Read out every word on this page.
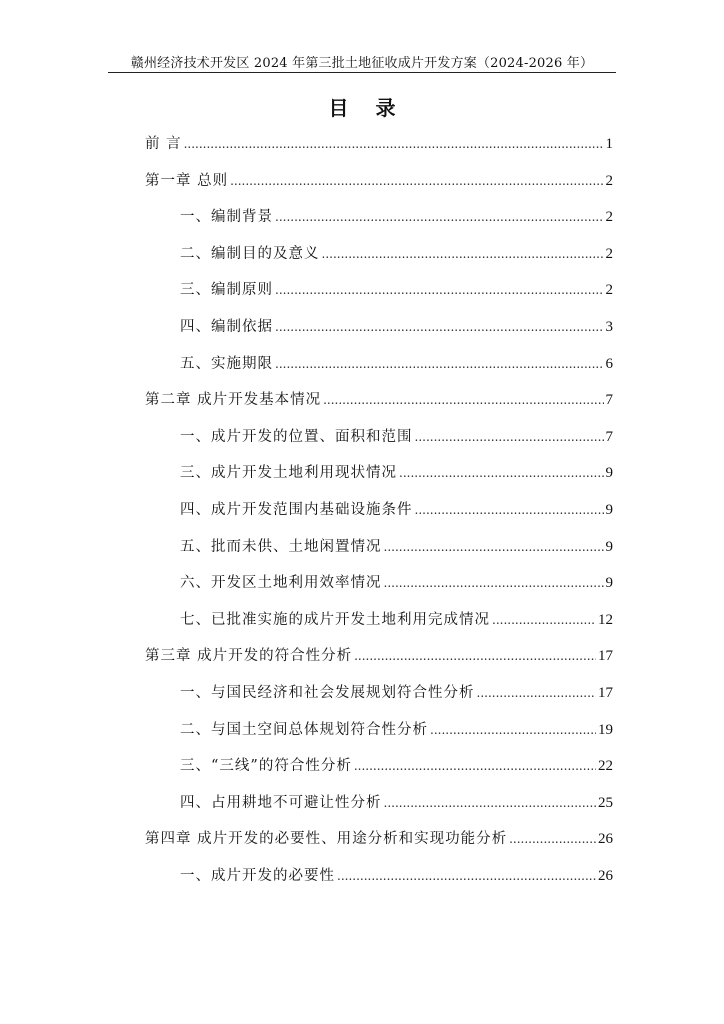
赣州经济技术开发区 2024 年第三批土地征收成片开发方案（2024-2026 年）
目 录
前 言 .....	1
第一章 总则 .....	2
一、编制背景 .....	2
二、编制目的及意义 .....	2
三、编制原则 .....	2
四、编制依据 .....	3
五、实施期限 .....	6
第二章 成片开发基本情况 .....	7
一、成片开发的位置、面积和范围 .....	7
三、成片开发土地利用现状情况 .....	9
四、成片开发范围内基础设施条件 .....	9
五、批而未供、土地闲置情况 .....	9
六、开发区土地利用效率情况 .....	9
七、已批准实施的成片开发土地利用完成情况 .....	12
第三章 成片开发的符合性分析 .....	17
一、与国民经济和社会发展规划符合性分析 .....	17
二、与国土空间总体规划符合性分析 .....	19
三、“三线”的符合性分析 .....	22
四、占用耕地不可避让性分析 .....	25
第四章 成片开发的必要性、用途分析和实现功能分析 .....	26
一、成片开发的必要性 .....	26
